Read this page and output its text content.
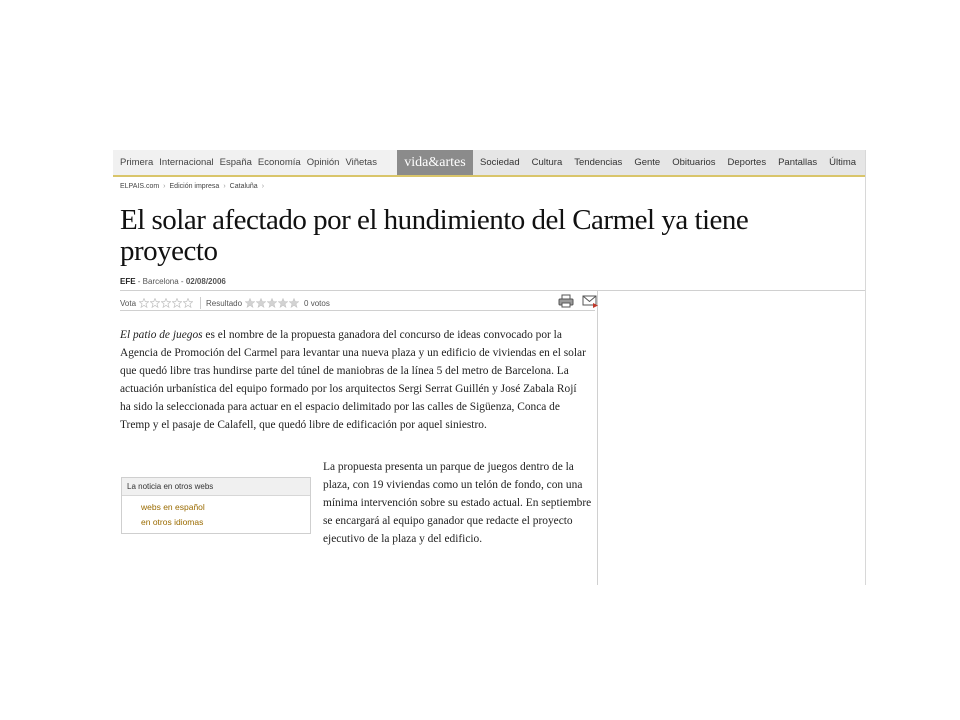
Primera Internacional España Economía Opinión Viñetas	vida&artes	Sociedad Cultura Tendencias Gente Obituarios Deportes Pantallas Última
ELPAIS.com › Edición impresa › Cataluña ›
El solar afectado por el hundimiento del Carmel ya tiene proyecto
EFE - Barcelona - 02/08/2006
Vota	Resultado	0 votos

El patio de juegos es el nombre de la propuesta ganadora del concurso de ideas convocado por la Agencia de Promoción del Carmel para levantar una nueva plaza y un edificio de viviendas en el solar que quedó libre tras hundirse parte del túnel de maniobras de la línea 5 del metro de Barcelona. La actuación urbanística del equipo formado por los arquitectos Sergi Serrat Guillén y José Zabala Rojí ha sido la seleccionada para actuar en el espacio delimitado por las calles de Sigüenza, Conca de Tremp y el pasaje de Calafell, que quedó libre de edificación por aquel siniestro.

La noticia en otros webs
webs en español
en otros idiomas

La propuesta presenta un parque de juegos dentro de la plaza, con 19 viviendas como un telón de fondo, con una mínima intervención sobre su estado actual. En septiembre se encargará al equipo ganador que redacte el proyecto ejecutivo de la plaza y del edificio.
